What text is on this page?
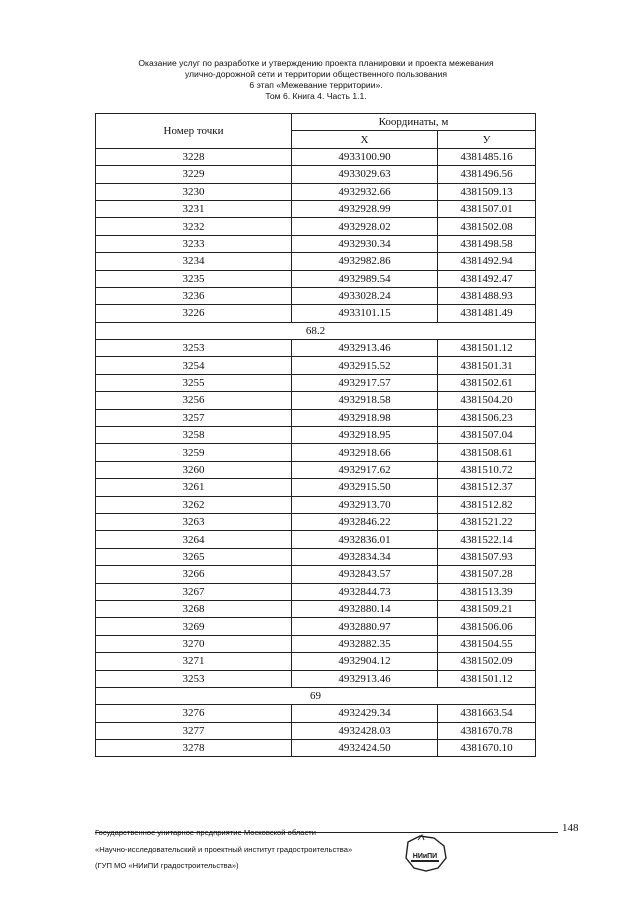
Оказание услуг по разработке и утверждению проекта планировки и проекта межевания
улично-дорожной сети и территории общественного пользования
6 этап «Межевание территории».
Том 6. Книга 4. Часть 1.1.
Номер точки	Координаты, м	
	X	У
3228	4933100.90	4381485.16
3229	4933029.63	4381496.56
3230	4932932.66	4381509.13
3231	4932928.99	4381507.01
3232	4932928.02	4381502.08
3233	4932930.34	4381498.58
3234	4932982.86	4381492.94
3235	4932989.54	4381492.47
3236	4933028.24	4381488.93
3226	4933101.15	4381481.49
68.2		
3253	4932913.46	4381501.12
3254	4932915.52	4381501.31
3255	4932917.57	4381502.61
3256	4932918.58	4381504.20
3257	4932918.98	4381506.23
3258	4932918.95	4381507.04
3259	4932918.66	4381508.61
3260	4932917.62	4381510.72
3261	4932915.50	4381512.37
3262	4932913.70	4381512.82
3263	4932846.22	4381521.22
3264	4932836.01	4381522.14
3265	4932834.34	4381507.93
3266	4932843.57	4381507.28
3267	4932844.73	4381513.39
3268	4932880.14	4381509.21
3269	4932880.97	4381506.06
3270	4932882.35	4381504.55
3271	4932904.12	4381502.09
3253	4932913.46	4381501.12
69		
3276	4932429.34	4381663.54
3277	4932428.03	4381670.78
3278	4932424.50	4381670.10
148
Государственное унитарное предприятие Московской области
«Научно-исследовательский и проектный институт градостроительства»
(ГУП МО «НИиПИ градостроительства»)
НИиПИ
